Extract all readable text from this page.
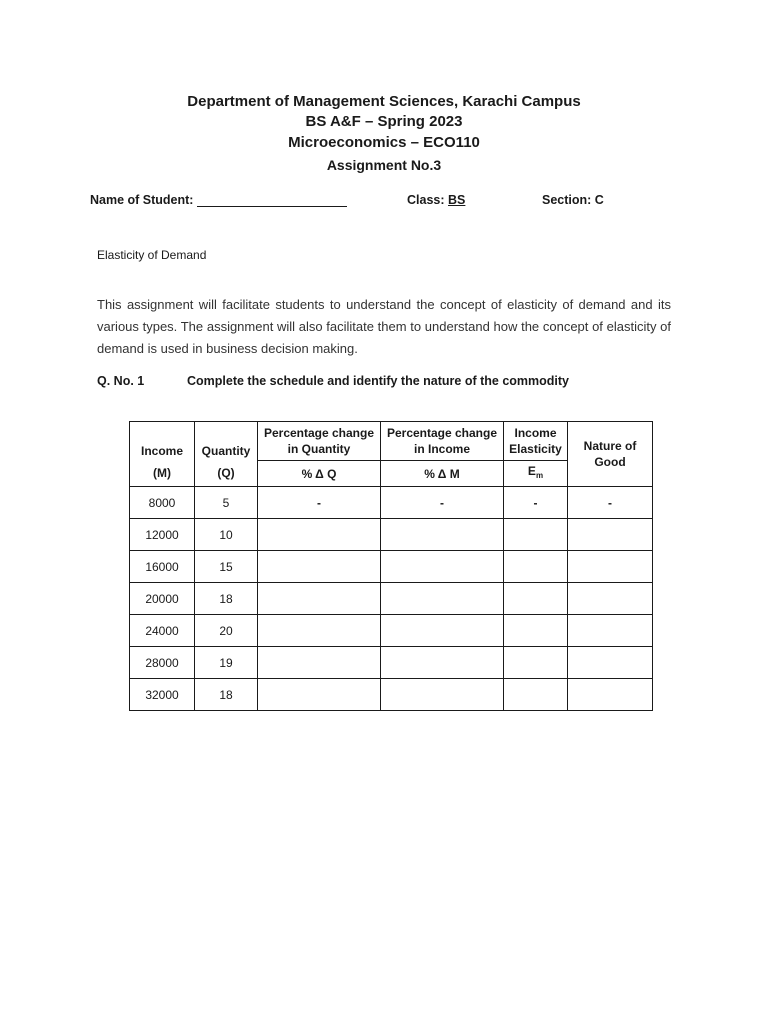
Department of Management Sciences, Karachi Campus
BS A&F – Spring 2023
Microeconomics – ECO110
Assignment No.3
Name of Student:	Class: BS	Section: C
Elasticity of Demand
This assignment will facilitate students to understand the concept of elasticity of demand and its various types. The assignment will also facilitate them to understand how the concept of elasticity of demand is used in business decision making.
Q. No. 1	Complete the schedule and identify the nature of the commodity
Income	Quantity	Percentage change in Quantity	Percentage change in Income	Income Elasticity	Nature of Good
(M)	(Q)	% Δ Q	% Δ M	$E_m$
8000	5	-	-	-	-
12000	10				
16000	15				
20000	18				
24000	20				
28000	19				
32000	18				
